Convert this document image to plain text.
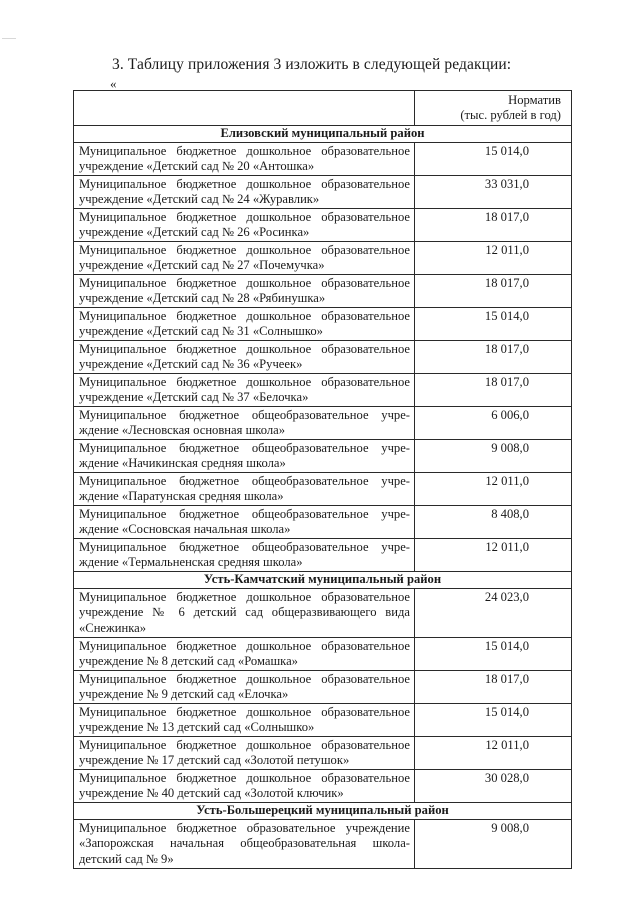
3. Таблицу приложения 3 изложить в следующей редакции:
«

	Норматив
(тыс. рублей в год)

Елизовский муниципальный район	

Муниципальное бюджетное дошкольное образовательное
учреждение «Детский сад № 20 «Антошка»	15 014,0

Муниципальное бюджетное дошкольное образовательное
учреждение «Детский сад № 24 «Журавлик»	33 031,0

Муниципальное бюджетное дошкольное образовательное
учреждение «Детский сад № 26 «Росинка»	18 017,0

Муниципальное бюджетное дошкольное образовательное
учреждение «Детский сад № 27 «Почемучка»	12 011,0

Муниципальное бюджетное дошкольное образовательное
учреждение «Детский сад № 28 «Рябинушка»	18 017,0

Муниципальное бюджетное дошкольное образовательное
учреждение «Детский сад № 31 «Солнышко»	15 014,0

Муниципальное бюджетное дошкольное образовательное
учреждение «Детский сад № 36 «Ручеек»	18 017,0

Муниципальное бюджетное дошкольное образовательное
учреждение «Детский сад № 37 «Белочка»	18 017,0

Муниципальное бюджетное общеобразовательное учре-
ждение «Лесновская основная школа»	6 006,0

Муниципальное бюджетное общеобразовательное учре-
ждение «Начикинская средняя школа»	9 008,0

Муниципальное бюджетное общеобразовательное учре-
ждение «Паратунская средняя школа»	12 011,0

Муниципальное бюджетное общеобразовательное учре-
ждение «Сосновская начальная школа»	8 408,0

Муниципальное бюджетное общеобразовательное учре-
ждение «Термальненская средняя школа»	12 011,0
Усть-Камчатский муниципальный район	

Муниципальное бюджетное дошкольное образовательное
учреждение № 6 детский сад общеразвивающего вида
«Снежинка»	24 023,0

Муниципальное бюджетное дошкольное образовательное
учреждение № 8 детский сад «Ромашка»	15 014,0

Муниципальное бюджетное дошкольное образовательное
учреждение № 9 детский сад «Елочка»	18 017,0

Муниципальное бюджетное дошкольное образовательное
учреждение № 13 детский сад «Солнышко»	15 014,0

Муниципальное бюджетное дошкольное образовательное
учреждение № 17 детский сад «Золотой петушок»	12 011,0

Муниципальное бюджетное дошкольное образовательное
учреждение № 40 детский сад «Золотой ключик»	30 028,0
Усть-Большерецкий муниципальный район	

Муниципальное бюджетное образовательное учреждение
«Запорожская начальная общеобразовательная школа-
детский сад № 9»	9 008,0
